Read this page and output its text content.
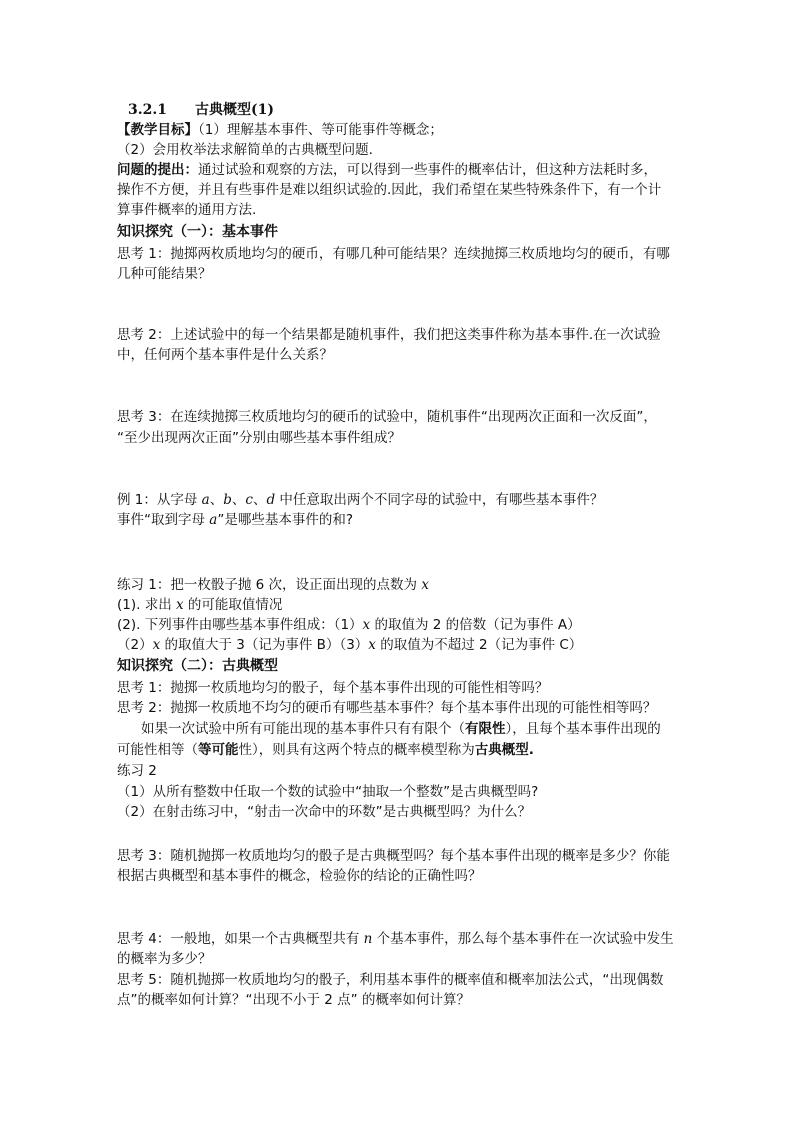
3.2.1 古典概型(1)
【教学目标】（1）理解基本事件、等可能事件等概念；
（2）会用枚举法求解简单的古典概型问题.
问题的提出：通过试验和观察的方法，可以得到一些事件的概率估计，但这种方法耗时多，
操作不方便，并且有些事件是难以组织试验的.因此，我们希望在某些特殊条件下，有一个计
算事件概率的通用方法.
知识探究（一）：基本事件
思考 1：抛掷两枚质地均匀的硬币，有哪几种可能结果？连续抛掷三枚质地均匀的硬币，有哪
几种可能结果？
思考 2：上述试验中的每一个结果都是随机事件，我们把这类事件称为基本事件.在一次试验
中，任何两个基本事件是什么关系？
思考 3：在连续抛掷三枚质地均匀的硬币的试验中，随机事件“出现两次正面和一次反面”，
“至少出现两次正面”分别由哪些基本事件组成？
例 1：从字母 a、b、c、d 中任意取出两个不同字母的试验中，有哪些基本事件？
事件“取到字母 a”是哪些基本事件的和?
练习 1：把一枚骰子抛 6 次，设正面出现的点数为 x
(1). 求出 x 的可能取值情况
(2). 下列事件由哪些基本事件组成：（1）x 的取值为 2 的倍数（记为事件 A）
（2）x 的取值大于 3（记为事件 B）（3）x 的取值为不超过 2（记为事件 C）
知识探究（二）：古典概型
思考 1：抛掷一枚质地均匀的骰子，每个基本事件出现的可能性相等吗？
思考 2：抛掷一枚质地不均匀的硬币有哪些基本事件？每个基本事件出现的可能性相等吗？
如果一次试验中所有可能出现的基本事件只有有限个（有限性），且每个基本事件出现的
可能性相等（等可能性），则具有这两个特点的概率模型称为古典概型.
练习 2
（1）从所有整数中任取一个数的试验中“抽取一个整数”是古典概型吗?
（2）在射击练习中，“射击一次命中的环数”是古典概型吗？为什么？
思考 3：随机抛掷一枚质地均匀的骰子是古典概型吗？每个基本事件出现的概率是多少？你能
根据古典概型和基本事件的概念，检验你的结论的正确性吗？
思考 4：一般地，如果一个古典概型共有 n 个基本事件，那么每个基本事件在一次试验中发生
的概率为多少？
思考 5：随机抛掷一枚质地均匀的骰子，利用基本事件的概率值和概率加法公式，“出现偶数
点”的概率如何计算？“出现不小于 2 点” 的概率如何计算？
